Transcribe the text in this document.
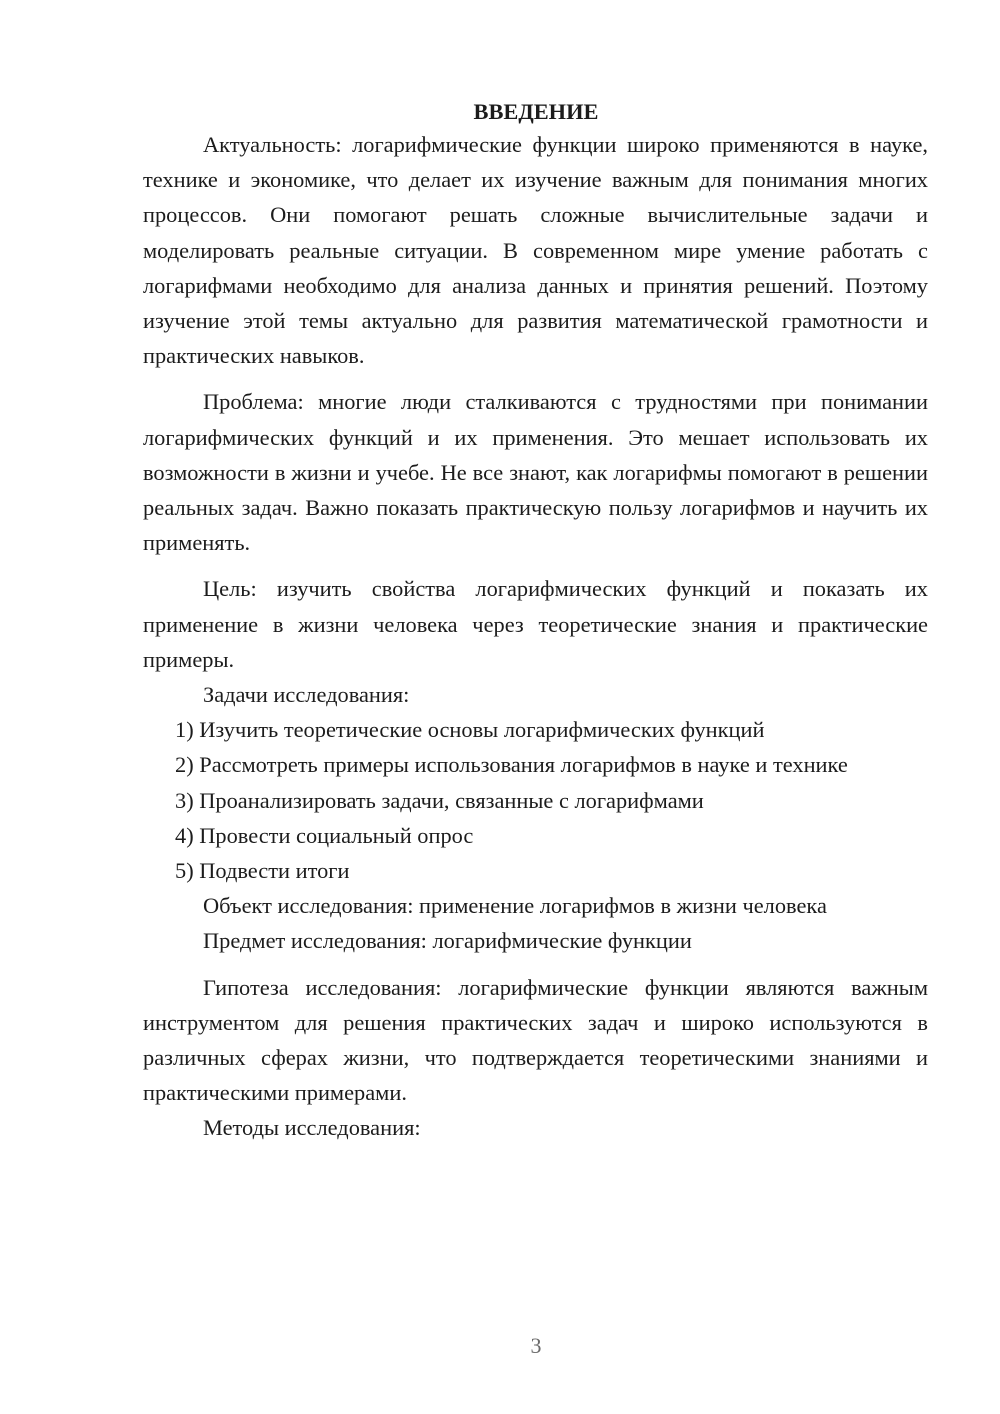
ВВЕДЕНИЕ

Актуальность: логарифмические функции широко применяются в науке, технике и экономике, что делает их изучение важным для понимания многих процессов. Они помогают решать сложные вычислительные задачи и моделировать реальные ситуации. В современном мире умение работать с логарифмами необходимо для анализа данных и принятия решений. Поэтому изучение этой темы актуально для развития математической грамотности и практических навыков.

Проблема: многие люди сталкиваются с трудностями при понимании логарифмических функций и их применения. Это мешает использовать их возможности в жизни и учебе. Не все знают, как логарифмы помогают в решении реальных задач. Важно показать практическую пользу логарифмов и научить их применять.

Цель: изучить свойства логарифмических функций и показать их применение в жизни человека через теоретические знания и практические примеры.

Задачи исследования:

1) Изучить теоретические основы логарифмических функций

2) Рассмотреть примеры использования логарифмов в науке и технике

3) Проанализировать задачи, связанные с логарифмами

4) Провести социальный опрос

5) Подвести итоги

Объект исследования: применение логарифмов в жизни человека

Предмет исследования: логарифмические функции

Гипотеза исследования: логарифмические функции являются важным инструментом для решения практических задач и широко используются в различных сферах жизни, что подтверждается теоретическими знаниями и практическими примерами.

Методы исследования:

3
